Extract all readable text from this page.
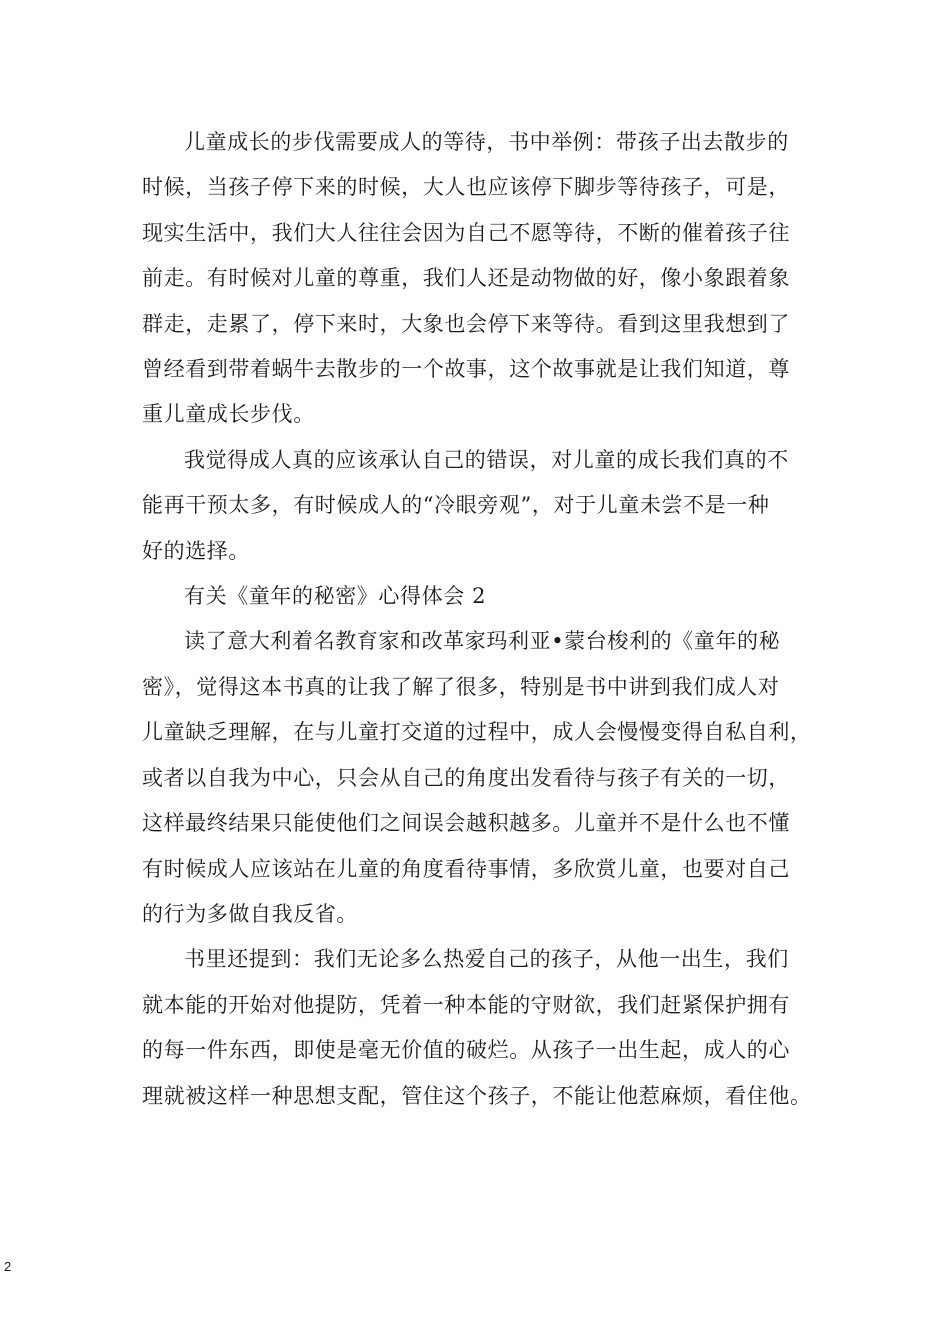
儿童成长的步伐需要成人的等待，书中举例：带孩子出去散步的
时候，当孩子停下来的时候，大人也应该停下脚步等待孩子，可是，
现实生活中，我们大人往往会因为自己不愿等待，不断的催着孩子往
前走。有时候对儿童的尊重，我们人还是动物做的好，像小象跟着象
群走，走累了，停下来时，大象也会停下来等待。看到这里我想到了
曾经看到带着蜗牛去散步的一个故事，这个故事就是让我们知道，尊
重儿童成长步伐。

我觉得成人真的应该承认自己的错误，对儿童的成长我们真的不
能再干预太多，有时候成人的“冷眼旁观”，对于儿童未尝不是一种
好的选择。

有关《童年的秘密》心得体会 2

读了意大利着名教育家和改革家玛利亚•蒙台梭利的《童年的秘
密》，觉得这本书真的让我了解了很多，特别是书中讲到我们成人对
儿童缺乏理解，在与儿童打交道的过程中，成人会慢慢变得自私自利，
或者以自我为中心，只会从自己的角度出发看待与孩子有关的一切，
这样最终结果只能使他们之间误会越积越多。儿童并不是什么也不懂
有时候成人应该站在儿童的角度看待事情，多欣赏儿童，也要对自己
的行为多做自我反省。

书里还提到：我们无论多么热爱自己的孩子，从他一出生，我们
就本能的开始对他提防，凭着一种本能的守财欲，我们赶紧保护拥有
的每一件东西，即使是毫无价值的破烂。从孩子一出生起，成人的心
理就被这样一种思想支配，管住这个孩子，不能让他惹麻烦，看住他。

2
